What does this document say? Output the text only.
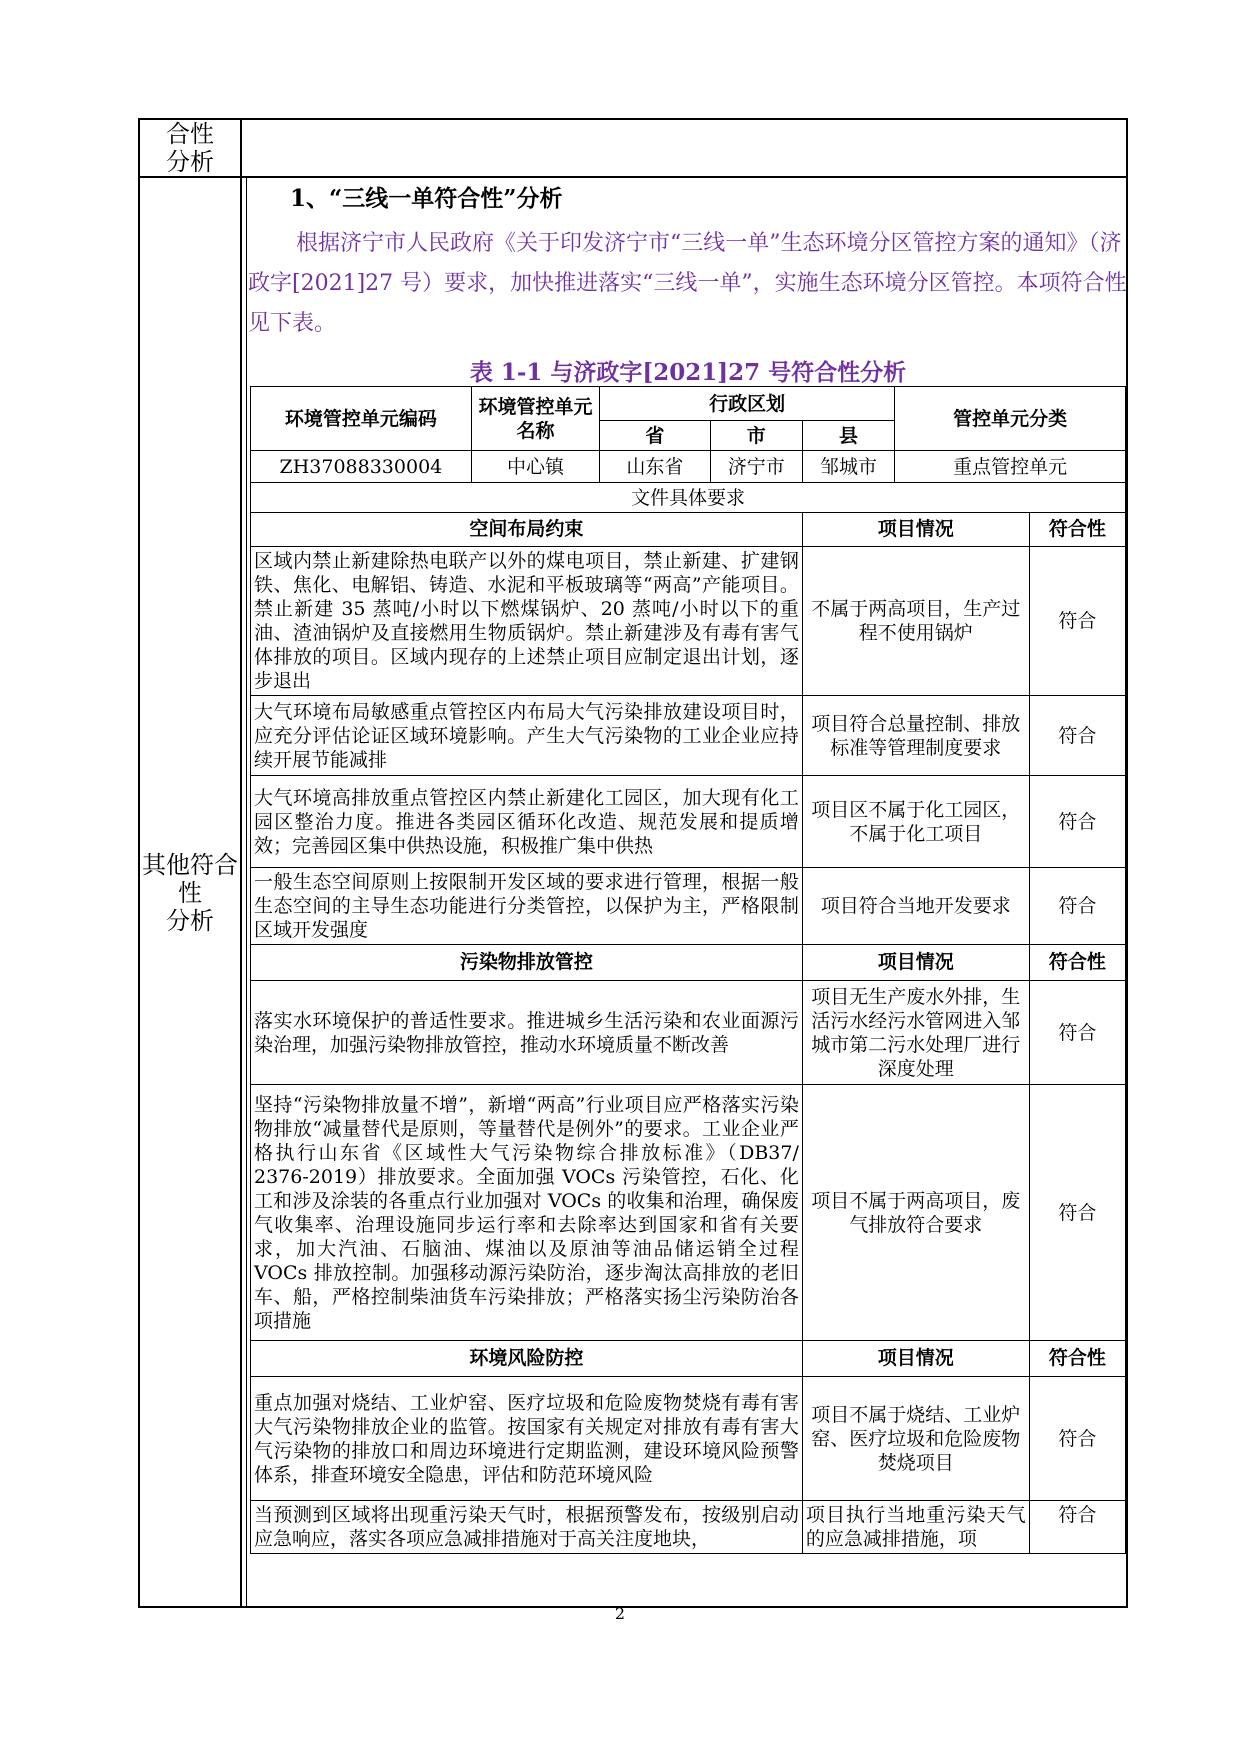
合性
分析
其他符合
性
分析
1、“三线一单符合性”分析
根据济宁市人民政府《关于印发济宁市“三线一单”生态环境分区管控方案的通知》（济政字[2021]27 号）要求，加快推进落实“三线一单”，实施生态环境分区管控。本项符合性见下表。
表 1-1 与济政字[2021]27 号符合性分析
环境管控单元编码	环境管控单元名称	行政区划			管控单元分类	
		省	市	县		
ZH37088330004	中心镇	山东省	济宁市	邹城市	重点管控单元	
文件具体要求						
空间布局约束				项目情况		符合性
区域内禁止新建除热电联产以外的煤电项目，禁止新建、扩建钢铁、焦化、电解铝、铸造、水泥和平板玻璃等“两高”产能项目。禁止新建 35 蒸吨/小时以下燃煤锅炉、20 蒸吨/小时以下的重油、渣油锅炉及直接燃用生物质锅炉。禁止新建涉及有毒有害气体排放的项目。区域内现存的上述禁止项目应制定退出计划，逐步退出				不属于两高项目，生产过程不使用锅炉		符合
大气环境布局敏感重点管控区内布局大气污染排放建设项目时，应充分评估论证区域环境影响。产生大气污染物的工业企业应持续开展节能减排				项目符合总量控制、排放标准等管理制度要求		符合
大气环境高排放重点管控区内禁止新建化工园区，加大现有化工园区整治力度。推进各类园区循环化改造、规范发展和提质增效；完善园区集中供热设施，积极推广集中供热				项目区不属于化工园区，不属于化工项目		符合
一般生态空间原则上按限制开发区域的要求进行管理，根据一般生态空间的主导生态功能进行分类管控，以保护为主，严格限制区域开发强度				项目符合当地开发要求		符合
污染物排放管控				项目情况		符合性
落实水环境保护的普适性要求。推进城乡生活污染和农业面源污染治理，加强污染物排放管控，推动水环境质量不断改善				项目无生产废水外排，生活污水经污水管网进入邹城市第二污水处理厂进行深度处理		符合
坚持“污染物排放量不增”，新增“两高”行业项目应严格落实污染物排放“减量替代是原则，等量替代是例外”的要求。工业企业严格执行山东省《区域性大气污染物综合排放标准》（DB37/ 2376-2019）排放要求。全面加强 VOCs 污染管控，石化、化工和涉及涂装的各重点行业加强对 VOCs 的收集和治理，确保废气收集率、治理设施同步运行率和去除率达到国家和省有关要求，加大汽油、石脑油、煤油以及原油等油品储运销全过程 VOCs 排放控制。加强移动源污染防治，逐步淘汰高排放的老旧车、船，严格控制柴油货车污染排放；严格落实扬尘污染防治各项措施				项目不属于两高项目，废气排放符合要求		符合
环境风险防控				项目情况		符合性
重点加强对烧结、工业炉窑、医疗垃圾和危险废物焚烧有毒有害大气污染物排放企业的监管。按国家有关规定对排放有毒有害大气污染物的排放口和周边环境进行定期监测，建设环境风险预警体系，排查环境安全隐患，评估和防范环境风险				项目不属于烧结、工业炉窑、医疗垃圾和危险废物焚烧项目		符合
当预测到区域将出现重污染天气时，根据预警发布，按级别启动应急响应，落实各项应急减排措施对于高关注度地块，				项目执行当地重污染天气的应急减排措施，项		符合
2
